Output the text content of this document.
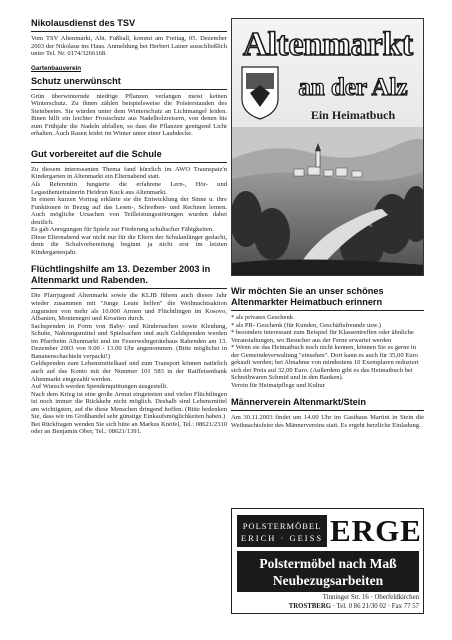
Nikolausdienst des TSV
Vom TSV Altenmarkt, Abt. Fußball, kommt am Freitag, 05. Dezember 2003 der Nikolaus ins Haus. Anmeldung bei Herbert Lainer ausschließlich unter Tel. Nr. 0174/3266168.
Gartenbauverein
Schutz unerwünscht
Grün überwinternde niedrige Pflanzen verlangen meist keinen Winterschutz. Zu ihnen zählen beispielsweise die Polsterstauden des Steinbeetes. Sie würden unter dem Winterschutz an Lichtmangel leiden. Ihnen hilft ein leichter Frostschutz aus Nadelholzreisern, von denen bis zum Frühjahr die Nadeln abfallen, so dass die Pflanzen genügend Licht erhalten. Auch Rasen leidet im Winter unter einer Laubdecke.
Gut vorbereitet auf die Schule

Zu diesem interessanten Thema fand kürzlich im AWO Traunspatz'n Kindergarten in Altenmarkt ein Elternabend statt.

Als Referentin fungierte die erfahrene Lern-, Hör- und Legasthenietrainerin Heidrun Kuck aus Altenmarkt.

In einem kurzen Vortrag erklärte sie die Entwicklung der Sinne u. ihre Funktionen in Bezug auf das Lesen-, Schreiben- und Rechnen lernen. Auch mögliche Ursachen von Teilleistungsstörungen wurden dabei deutlich.

Es gab Anregungen für Spiele zur Förderung schulischer Fähigkeiten.

Diese Elternabend war nicht nur für die Eltern der Schulanfänger gedacht, denn die Schulvorbereitung beginnt ja nicht erst im letzten Kindergartenjahr.

Flüchtlingshilfe am 13. Dezember 2003 in Altenmarkt und Rabenden.

Die Pfarrjugend Altenmarkt sowie die KLJB führen auch dieses Jahr wieder zusammen mit "Junge Leute helfen" die Weihnachtsaktion zugunsten von mehr als 10.000 Armen und Flüchtlingen im Kosovo, Albanien, Montenegro und Kroatien durch.

Sachspenden in Form von Baby- und Kindersachen sowie Kleidung, Schuhe, Nahrungsmittel und Spielsachen und auch Geldspenden werden im Pfarrheim Altenmarkt und im Feuerwehrgerätehaus Rabenden am 13. Dezember 2003 von 9.00 - 13.00 Uhr angenommen. (Bitte möglichst in Bananenschachteln verpackt!)

Geldspenden zum Lebensmittelkauf und zum Transport können natürlich auch auf das Konto mit der Nummer 101 583 in der Raiffeisenbank Altenmarkt eingezahlt werden.

Auf Wunsch werden Spendenquittungen ausgestellt.

Nach dem Krieg ist eine große Armut eingetreten und vielen Flüchtlingen ist noch immer die Rückkehr nicht möglich. Deshalb sind Lebensmittel am wichtigsten, auf die diese Menschen dringend hoffen. (Bitte bedenken Sie, dass wir im Großhandel sehr günstige Einkaufsmöglichkeiten haben.)

Bei Rückfragen wenden Sie sich bitte an Markus Knöfel, Tel.: 08621/2310 oder an Benjamin Ober, Tel.: 08621/1391.

Altenmarkt
an der Alz
Ein Heimatbuch
Wir möchten Sie an unser schönes Altenmarkter Heimatbuch erinnern

* als privates Geschenk

* als PR- Geschenk (für Kunden, Geschäftsfreunde usw.)

* besonders interessant zum Beispiel für Klassentreffen oder ähnliche Veranstaltungen, wo Besucher aus der Ferne erwartet werden

* Wenn sie das Heimatbuch noch nicht kennen, können Sie es gerne in der Gemeindeverwaltung "einsehen". Dort kann es auch für 35,00 Euro gekauft werden; bei Abnahme von mindestens 10 Exemplaren reduziert sich der Preis auf 32,00 Euro. (Außerdem gibt es das Heimatbuch bei Schreibwaren Schmid und in den Banken).

Verein für Heimatpflege und Kultur

Männerverein Altenmarkt/Stein
Am 30.11.2003 findet um 14.00 Uhr im Gasthaus Martini in Stein die Weihnachtsfeier des Männervereins statt. Es ergeht herzliche Einladung.
POLSTERMÖBEL
ERICH · GEISS ERGE
Polstermöbel nach Maß
Neubezugsarbeiten
Tinninger Str. 16 · Oberfeldkirchen
TROSTBERG · Tel. 0 86 21/30 02 · Fax 77 57
